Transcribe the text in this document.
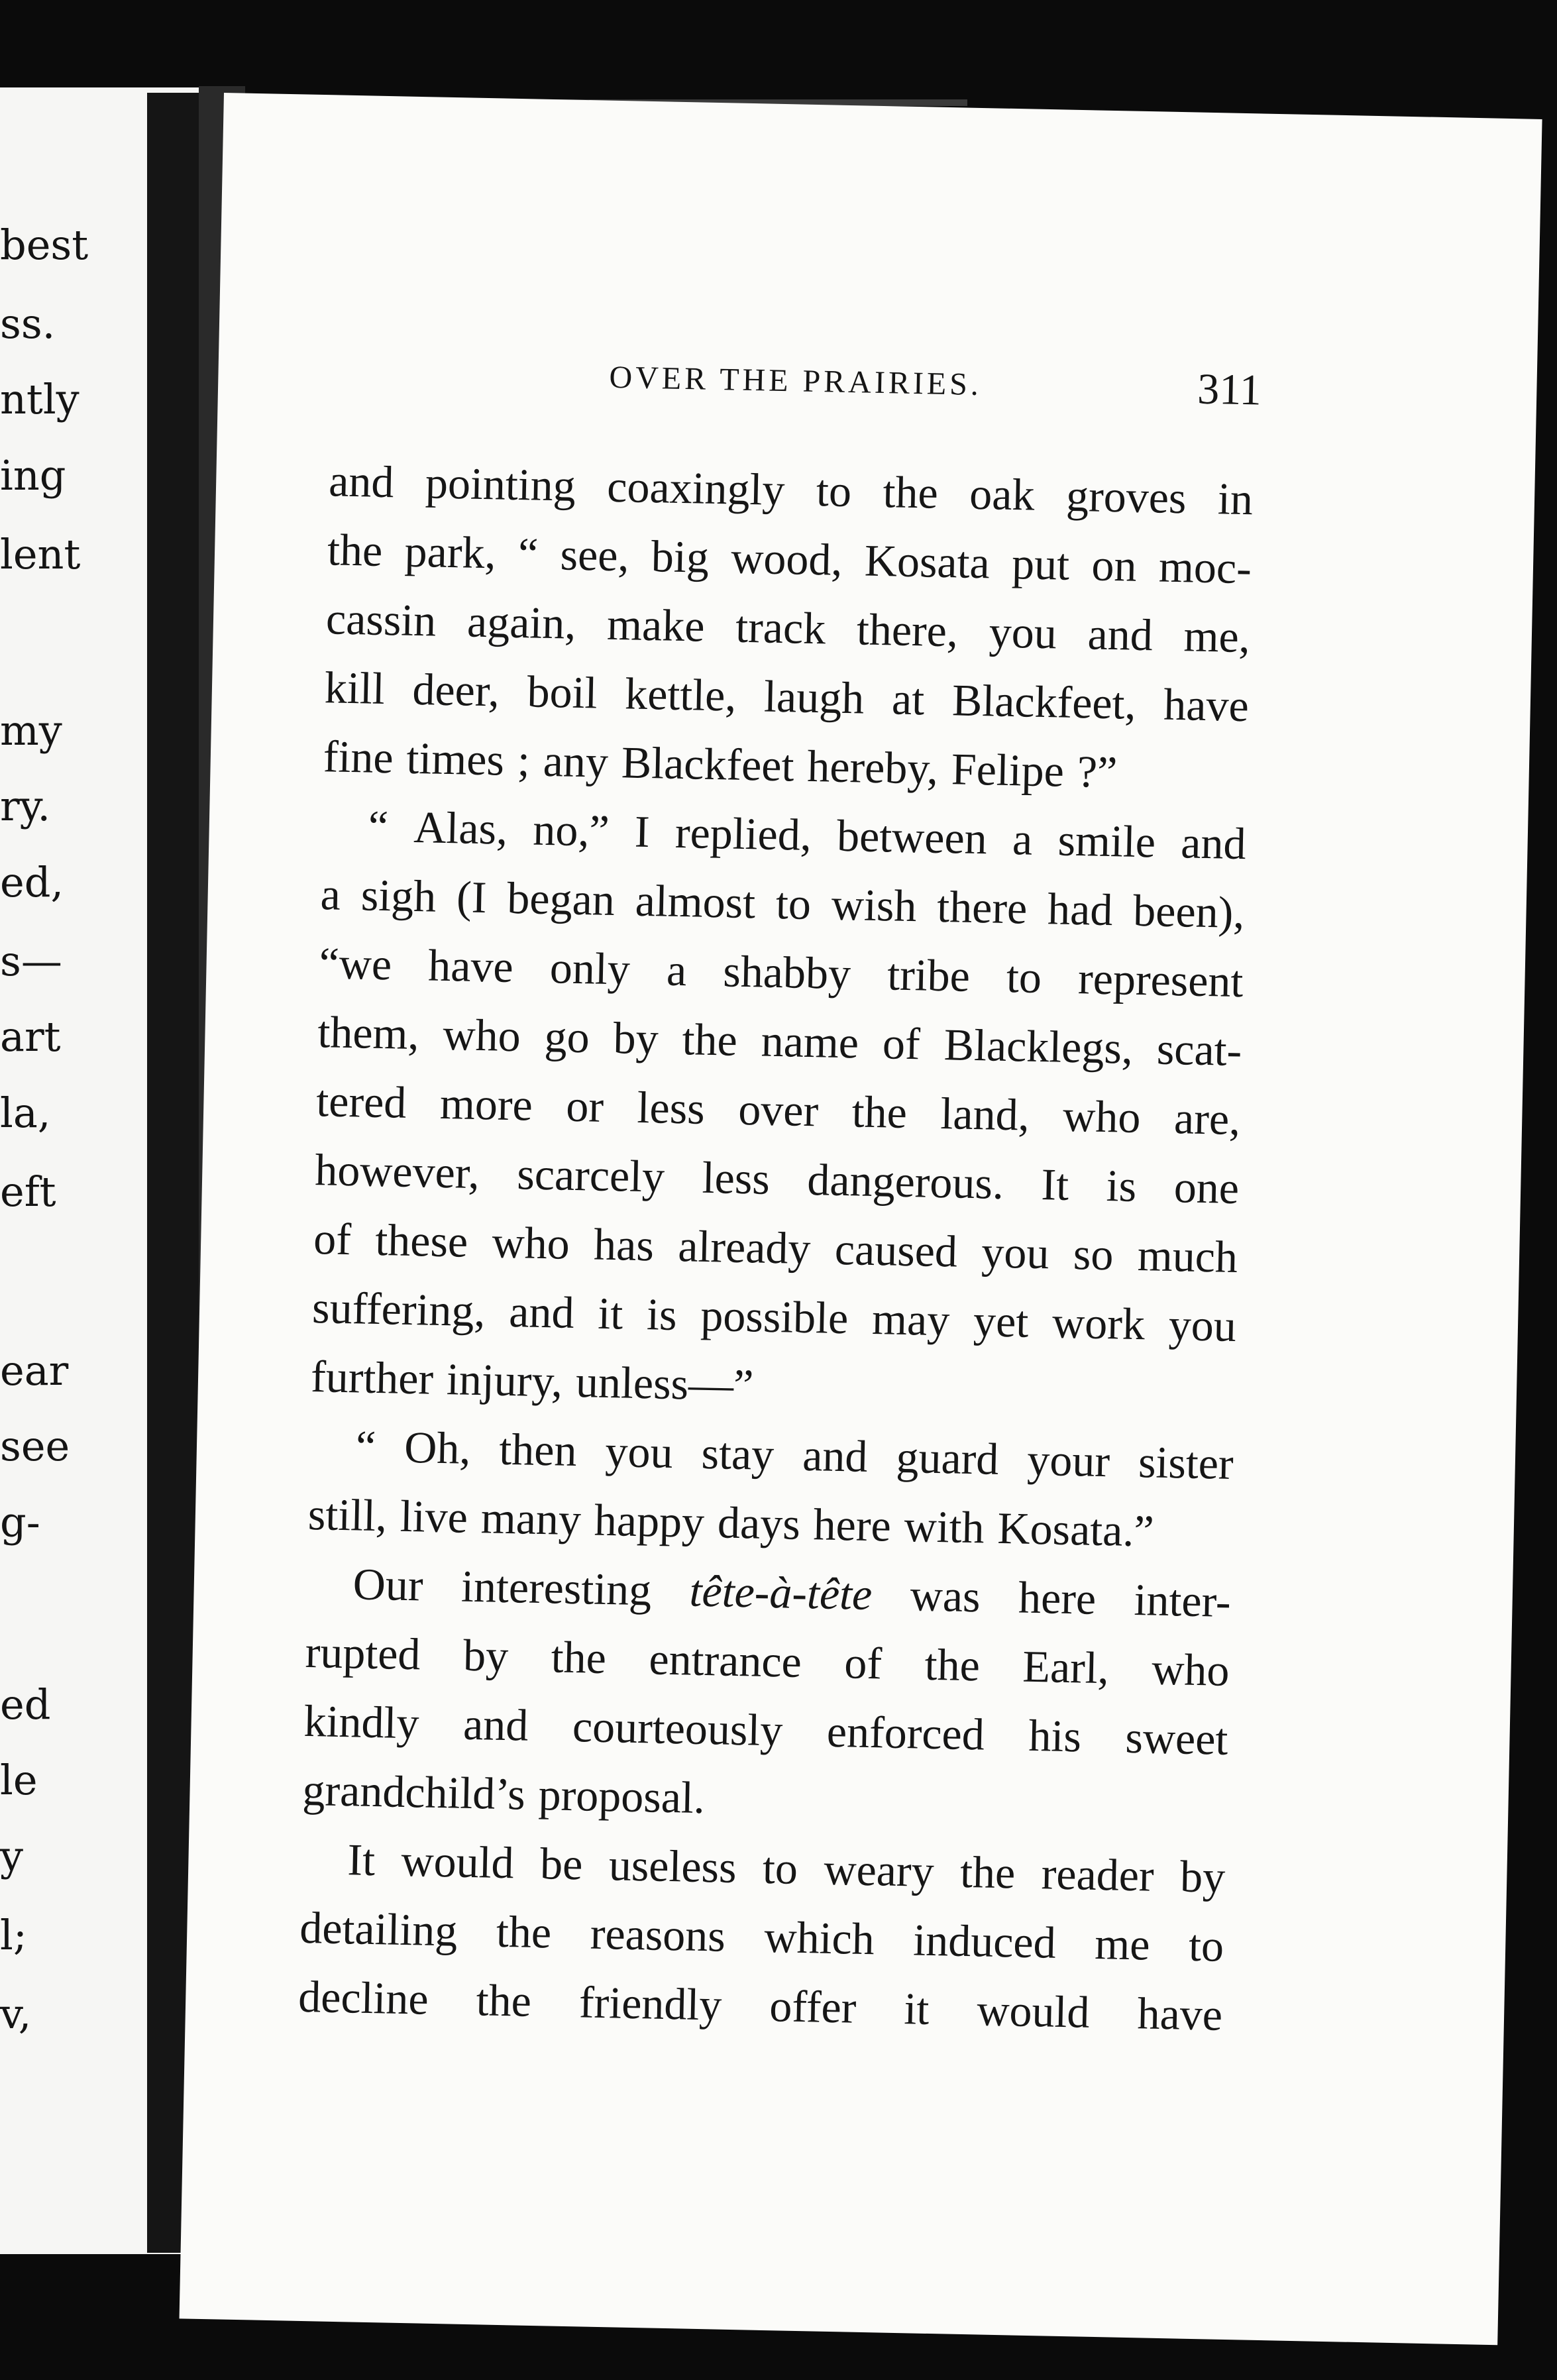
best
ss.
ntly
ing
lent
my
ry.
ed,
s—
art
la,
eft
ear
see
g-
ed
le
y
l;
v,
OVER THE PRAIRIES.	311
and pointing coaxingly to the oak groves in
the park, “ see, big wood, Kosata put on moc-
cassin again, make track there, you and me,
kill deer, boil kettle, laugh at Blackfeet, have
fine times ; any Blackfeet hereby, Felipe ?”
“ Alas, no,” I replied, between a smile and
a sigh (I began almost to wish there had been),
“we have only a shabby tribe to represent
them, who go by the name of Blacklegs, scat-
tered more or less over the land, who are,
however, scarcely less dangerous. It is one
of these who has already caused you so much
suffering, and it is possible may yet work you
further injury, unless—”
“ Oh, then you stay and guard your sister
still, live many happy days here with Kosata.”
Our interesting tête-à-tête was here inter-
rupted by the entrance of the Earl, who
kindly and courteously enforced his sweet
grandchild’s proposal.
It would be useless to weary the reader by
detailing the reasons which induced me to
decline the friendly offer it would have
